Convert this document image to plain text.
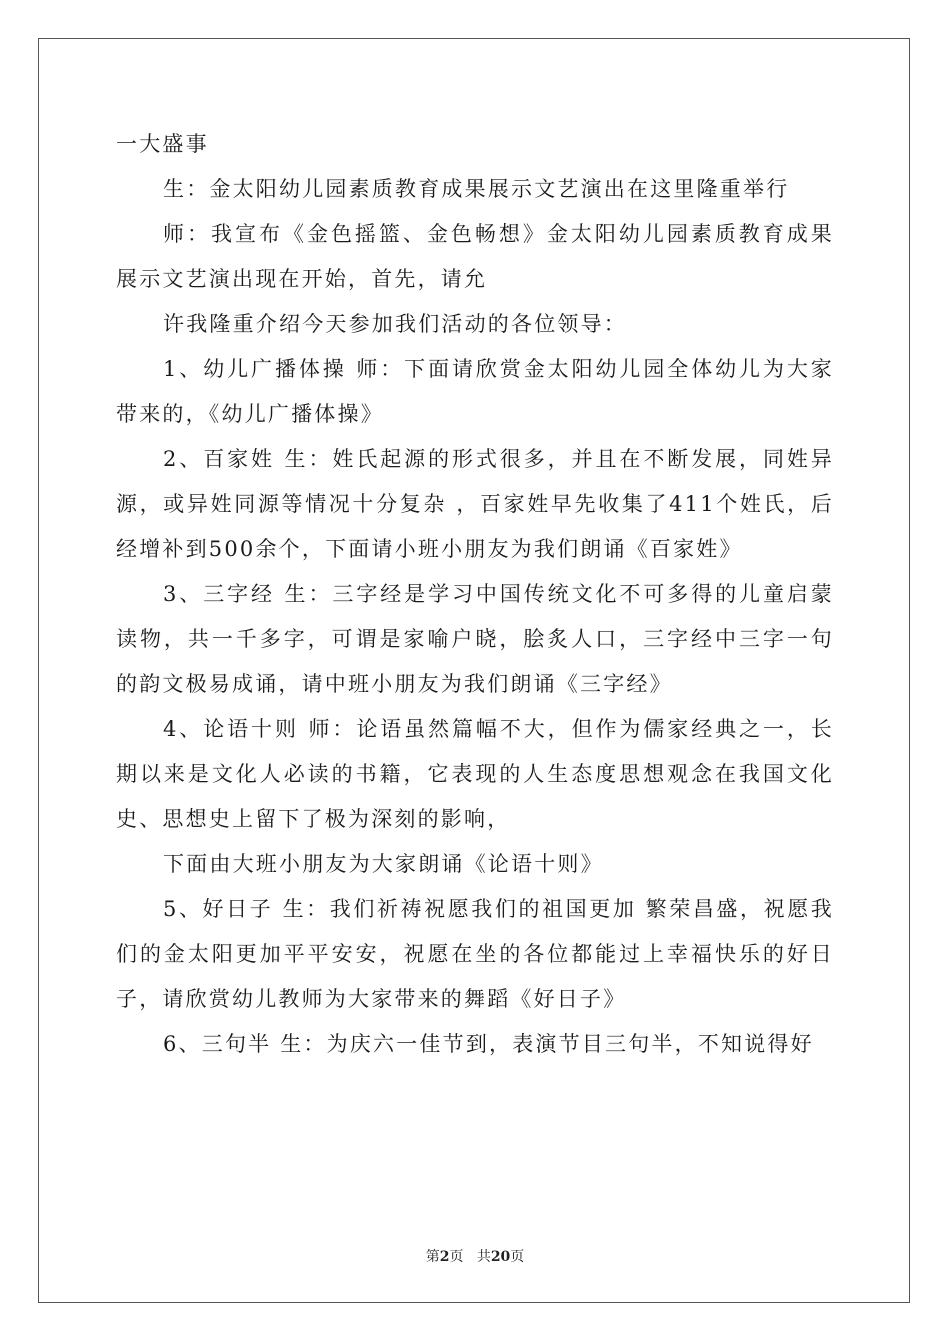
一大盛事

生：金太阳幼儿园素质教育成果展示文艺演出在这里隆重举行

师：我宣布《金色摇篮、金色畅想》金太阳幼儿园素质教育成果展示文艺演出现在开始，首先，请允

许我隆重介绍今天参加我们活动的各位领导：

1、幼儿广播体操 师：下面请欣赏金太阳幼儿园全体幼儿为大家带来的，《幼儿广播体操》

2、百家姓 生：姓氏起源的形式很多，并且在不断发展，同姓异源，或异姓同源等情况十分复杂 ，百家姓早先收集了411个姓氏，后经增补到500余个，下面请小班小朋友为我们朗诵《百家姓》

3、三字经 生：三字经是学习中国传统文化不可多得的儿童启蒙读物，共一千多字，可谓是家喻户晓，脍炙人口，三字经中三字一句的韵文极易成诵，请中班小朋友为我们朗诵《三字经》

4、论语十则 师：论语虽然篇幅不大，但作为儒家经典之一，长期以来是文化人必读的书籍，它表现的人生态度思想观念在我国文化史、思想史上留下了极为深刻的影响，

下面由大班小朋友为大家朗诵《论语十则》

5、好日子 生：我们祈祷祝愿我们的祖国更加 繁荣昌盛，祝愿我们的金太阳更加平平安安，祝愿在坐的各位都能过上幸福快乐的好日子，请欣赏幼儿教师为大家带来的舞蹈《好日子》

6、三句半 生：为庆六一佳节到，表演节目三句半，不知说得好

第2页 共20页
